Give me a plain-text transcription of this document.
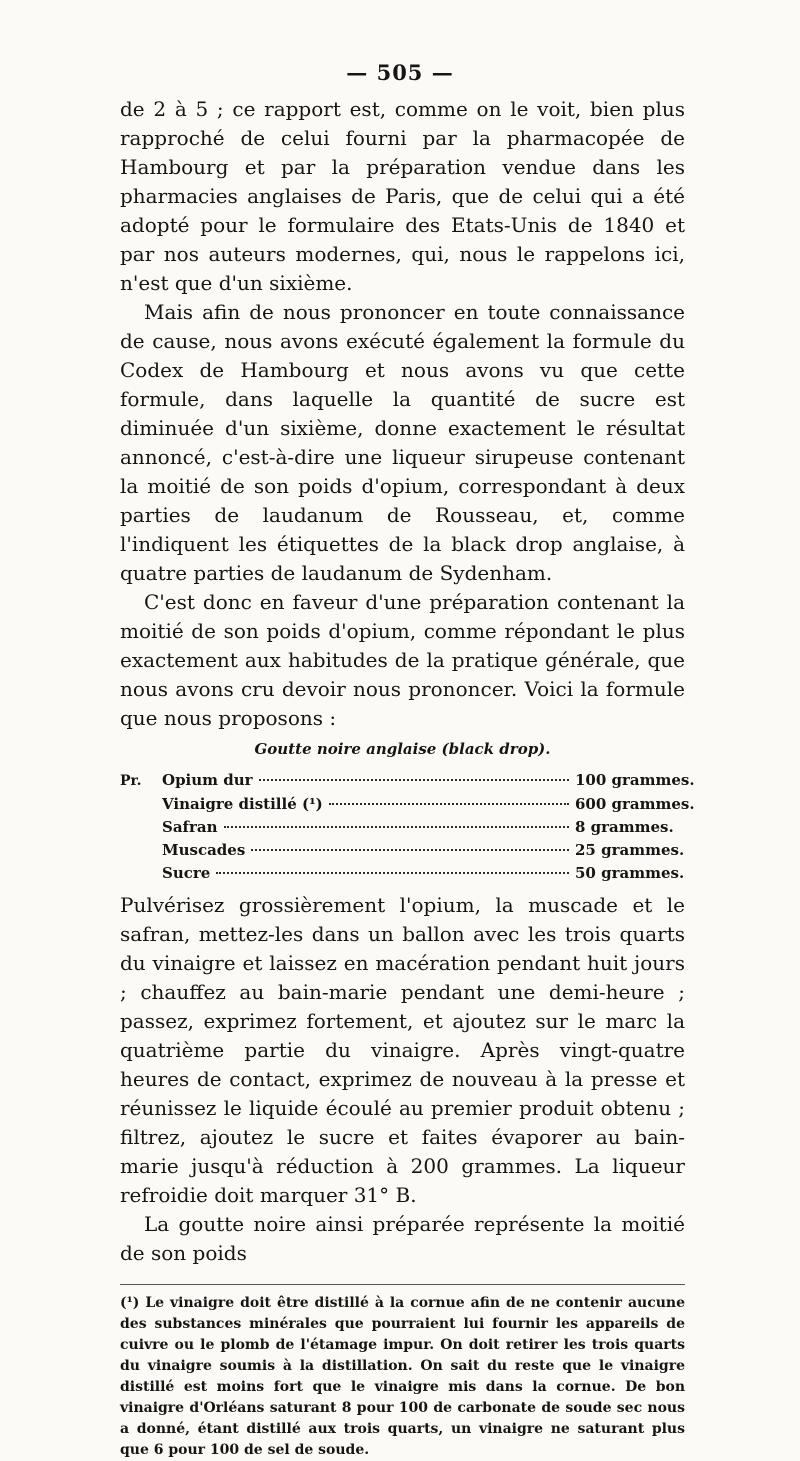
— 505 —

de 2 à 5 ; ce rapport est, comme on le voit, bien plus rapproché de celui fourni par la pharmacopée de Hambourg et par la préparation vendue dans les pharmacies anglaises de Paris, que de celui qui a été adopté pour le formulaire des Etats-Unis de 1840 et par nos auteurs modernes, qui, nous le rappelons ici, n'est que d'un sixième.

Mais afin de nous prononcer en toute connaissance de cause, nous avons exécuté également la formule du Codex de Hambourg et nous avons vu que cette formule, dans laquelle la quantité de sucre est diminuée d'un sixième, donne exactement le résultat annoncé, c'est-à-dire une liqueur sirupeuse contenant la moitié de son poids d'opium, correspondant à deux parties de laudanum de Rousseau, et, comme l'indiquent les étiquettes de la black drop anglaise, à quatre parties de laudanum de Sydenham.

C'est donc en faveur d'une préparation contenant la moitié de son poids d'opium, comme répondant le plus exactement aux habitudes de la pratique générale, que nous avons cru devoir nous prononcer. Voici la formule que nous proposons :

Goutte noire anglaise (black drop).
Pr.	Opium dur	100 grammes.
Vinaigre distillé (¹)	600 grammes.
Safran	8 grammes.
Muscades	25 grammes.
Sucre	50 grammes.

Pulvérisez grossièrement l'opium, la muscade et le safran, mettez-les dans un ballon avec les trois quarts du vinaigre et laissez en macération pendant huit jours ; chauffez au bain-marie pendant une demi-heure ; passez, exprimez fortement, et ajoutez sur le marc la quatrième partie du vinaigre. Après vingt-quatre heures de contact, exprimez de nouveau à la presse et réunissez le liquide écoulé au premier produit obtenu ; filtrez, ajoutez le sucre et faites évaporer au bain-marie jusqu'à réduction à 200 grammes. La liqueur refroidie doit marquer 31° B.

La goutte noire ainsi préparée représente la moitié de son poids

(¹) Le vinaigre doit être distillé à la cornue afin de ne contenir aucune des substances minérales que pourraient lui fournir les appareils de cuivre ou le plomb de l'étamage impur. On doit retirer les trois quarts du vinaigre soumis à la distillation. On sait du reste que le vinaigre distillé est moins fort que le vinaigre mis dans la cornue. De bon vinaigre d'Orléans saturant 8 pour 100 de carbonate de soude sec nous a donné, étant distillé aux trois quarts, un vinaigre ne saturant plus que 6 pour 100 de sel de soude.
